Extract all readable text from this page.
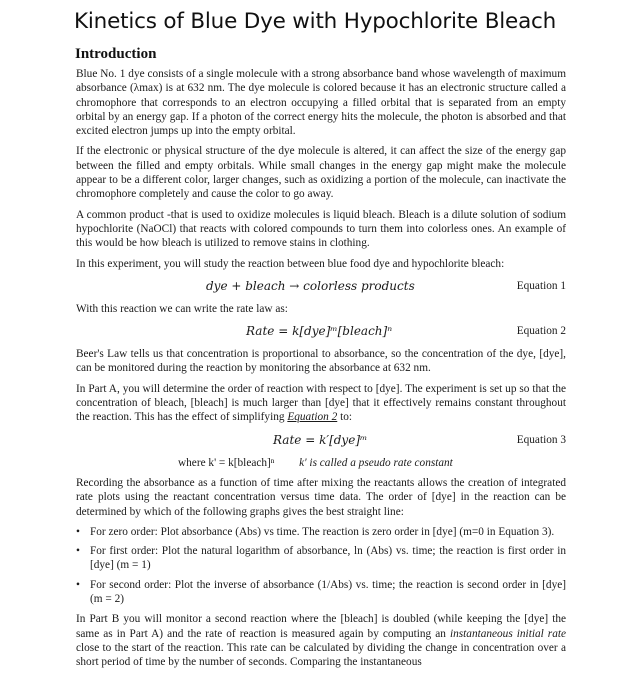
Kinetics of Blue Dye with Hypochlorite Bleach
Introduction

Blue No. 1 dye consists of a single molecule with a strong absorbance band whose wavelength of maximum absorbance (λmax) is at 632 nm. The dye molecule is colored because it has an electronic structure called a chromophore that corresponds to an electron occupying a filled orbital that is separated from an empty orbital by an energy gap. If a photon of the correct energy hits the molecule, the photon is absorbed and that excited electron jumps up into the empty orbital.

If the electronic or physical structure of the dye molecule is altered, it can affect the size of the energy gap between the filled and empty orbitals. While small changes in the energy gap might make the molecule appear to be a different color, larger changes, such as oxidizing a portion of the molecule, can inactivate the chromophore completely and cause the color to go away.

A common product -that is used to oxidize molecules is liquid bleach. Bleach is a dilute solution of sodium hypochlorite (NaOCl) that reacts with colored compounds to turn them into colorless ones. An example of this would be how bleach is utilized to remove stains in clothing.

In this experiment, you will study the reaction between blue food dye and hypochlorite bleach:

dye + bleach → colorless products	Equation 1

With this reaction we can write the rate law as:

Rate = k[dye]ᵐ[bleach]ⁿ	Equation 2

Beer's Law tells us that concentration is proportional to absorbance, so the concentration of the dye, [dye], can be monitored during the reaction by monitoring the absorbance at 632 nm.

In Part A, you will determine the order of reaction with respect to [dye]. The experiment is set up so that the concentration of bleach, [bleach] is much larger than [dye] that it effectively remains constant throughout the reaction. This has the effect of simplifying Equation 2 to:

Rate = k′[dye]ᵐ	Equation 3
where k' = k[bleach]ⁿ k' is called a pseudo rate constant

Recording the absorbance as a function of time after mixing the reactants allows the creation of integrated rate plots using the reactant concentration versus time data. The order of [dye] in the reaction can be determined by which of the following graphs gives the best straight line:

• For zero order: Plot absorbance (Abs) vs time. The reaction is zero order in [dye] (m=0 in Equation 3).
• For first order: Plot the natural logarithm of absorbance, ln (Abs) vs. time; the reaction is first order in [dye] (m = 1)
• For second order: Plot the inverse of absorbance (1/Abs) vs. time; the reaction is second order in [dye] (m = 2)

In Part B you will monitor a second reaction where the [bleach] is doubled (while keeping the [dye] the same as in Part A) and the rate of reaction is measured again by computing an instantaneous initial rate close to the start of the reaction. This rate can be calculated by dividing the change in concentration over a short period of time by the number of seconds. Comparing the instantaneous
